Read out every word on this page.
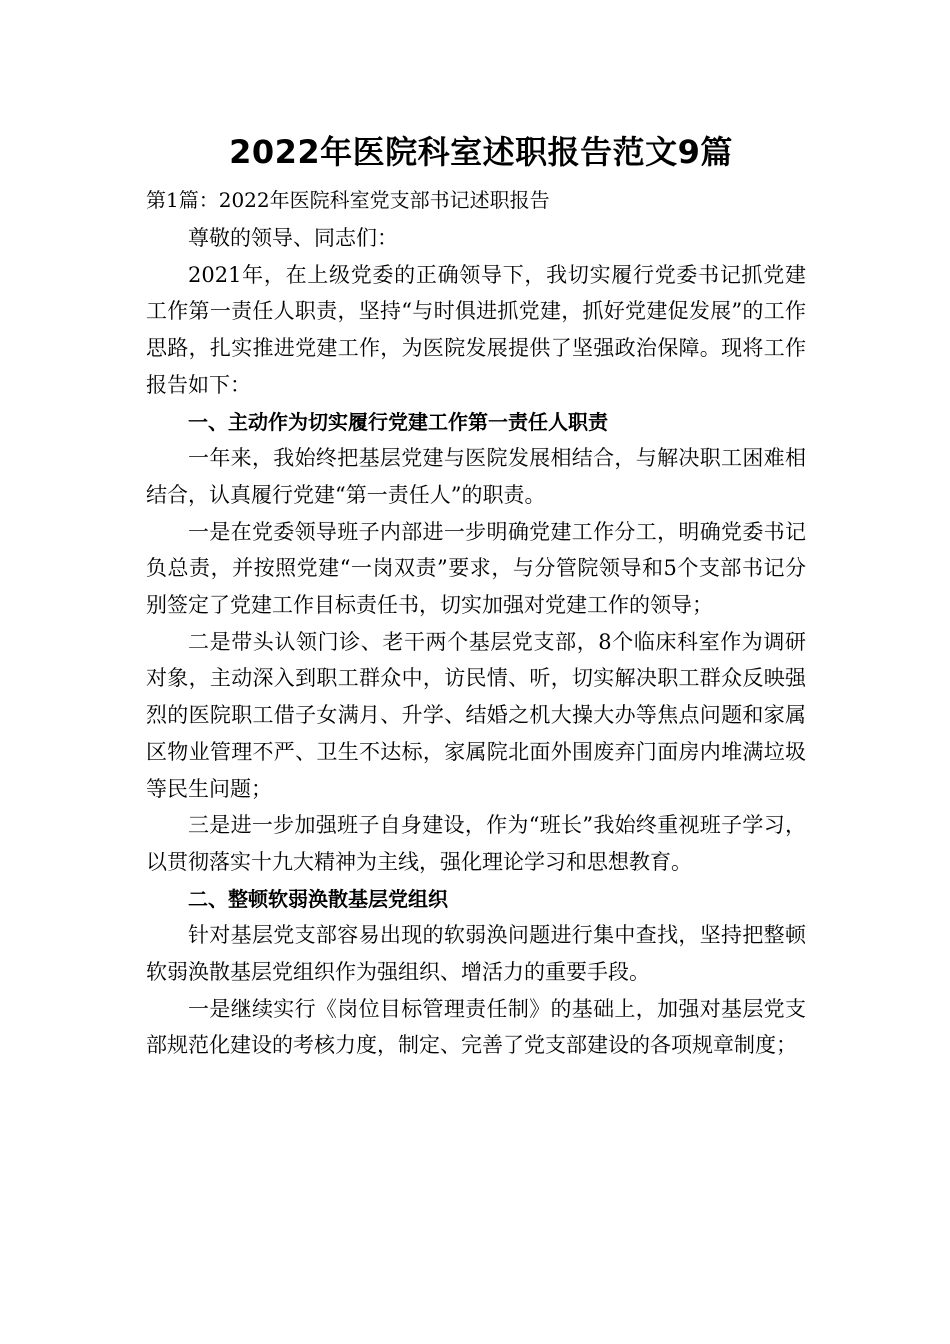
2022年医院科室述职报告范文9篇

第1篇：2022年医院科室党支部书记述职报告

尊敬的领导、同志们：

2021年，在上级党委的正确领导下，我切实履行党委书记抓党建工作第一责任人职责，坚持“与时俱进抓党建，抓好党建促发展”的工作思路，扎实推进党建工作，为医院发展提供了坚强政治保障。现将工作报告如下：

一、主动作为切实履行党建工作第一责任人职责

一年来，我始终把基层党建与医院发展相结合，与解决职工困难相结合，认真履行党建“第一责任人”的职责。

一是在党委领导班子内部进一步明确党建工作分工，明确党委书记负总责，并按照党建“一岗双责”要求，与分管院领导和5个支部书记分别签定了党建工作目标责任书，切实加强对党建工作的领导；

二是带头认领门诊、老干两个基层党支部，8个临床科室作为调研对象，主动深入到职工群众中，访民情、听，切实解决职工群众反映强烈的医院职工借子女满月、升学、结婚之机大操大办等焦点问题和家属区物业管理不严、卫生不达标，家属院北面外围废弃门面房内堆满垃圾等民生问题；

三是进一步加强班子自身建设，作为“班长”我始终重视班子学习，以贯彻落实十九大精神为主线，强化理论学习和思想教育。

二、整顿软弱涣散基层党组织

针对基层党支部容易出现的软弱涣问题进行集中查找，坚持把整顿软弱涣散基层党组织作为强组织、增活力的重要手段。

一是继续实行《岗位目标管理责任制》的基础上，加强对基层党支部规范化建设的考核力度，制定、完善了党支部建设的各项规章制度；
